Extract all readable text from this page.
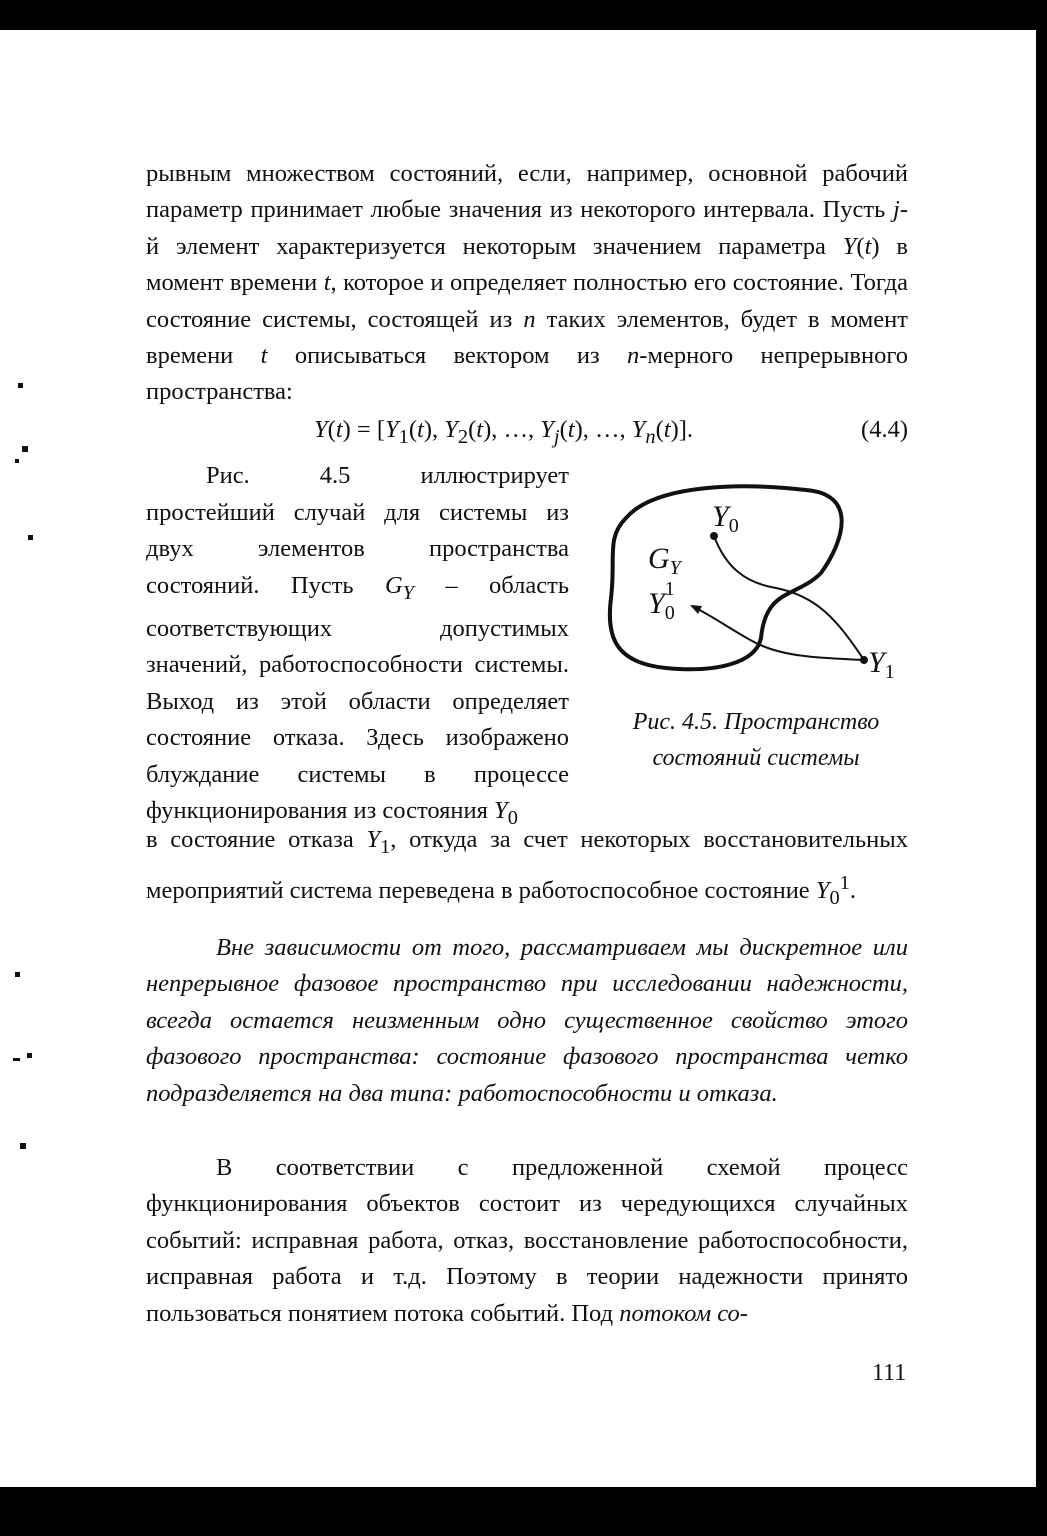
рывным множеством состояний, если, например, основной рабочий параметр принимает любые значения из некоторого интервала. Пусть j-й элемент характеризуется некоторым значением параметра Y(t) в момент времени t, которое и определяет полностью его состояние. Тогда состояние системы, состоящей из n таких элементов, будет в момент времени t описываться вектором из n-мерного непрерывного пространства:

$Y(t) = [Y_1(t)$, $Y_2(t)$, …, $Y_j(t)$, …, $Y_n(t)$].	(4.4)

Рис. 4.5 иллюстрирует простейший случай для системы из двух элементов пространства состояний. Пусть $G_Y$ – область соответствующих допустимых значений, работоспособности системы. Выход из этой области определяет состояние отказа. Здесь изображено блуждание системы в процессе функционирования из состояния $Y_0$

$Y_0$
$G_Y$
$Y_01$
$Y_1$
Рис. 4.5. Пространство
состояний системы

в состояние отказа $Y_1$, откуда за счет некоторых восстановительных мероприятий система переведена в работоспособное состояние $Y_0^1$.

Вне зависимости от того, рассматриваем мы дискретное или непрерывное фазовое пространство при исследовании надежности, всегда остается неизменным одно существенное свойство этого фазового пространства: состояние фазового пространства четко подразделяется на два типа: работоспособности и отказа.

В соответствии с предложенной схемой процесс функционирования объектов состоит из чередующихся случайных событий: исправная работа, отказ, восстановление работоспособности, исправная работа и т.д. Поэтому в теории надежности принято пользоваться понятием потока событий. Под потоком со-

111
